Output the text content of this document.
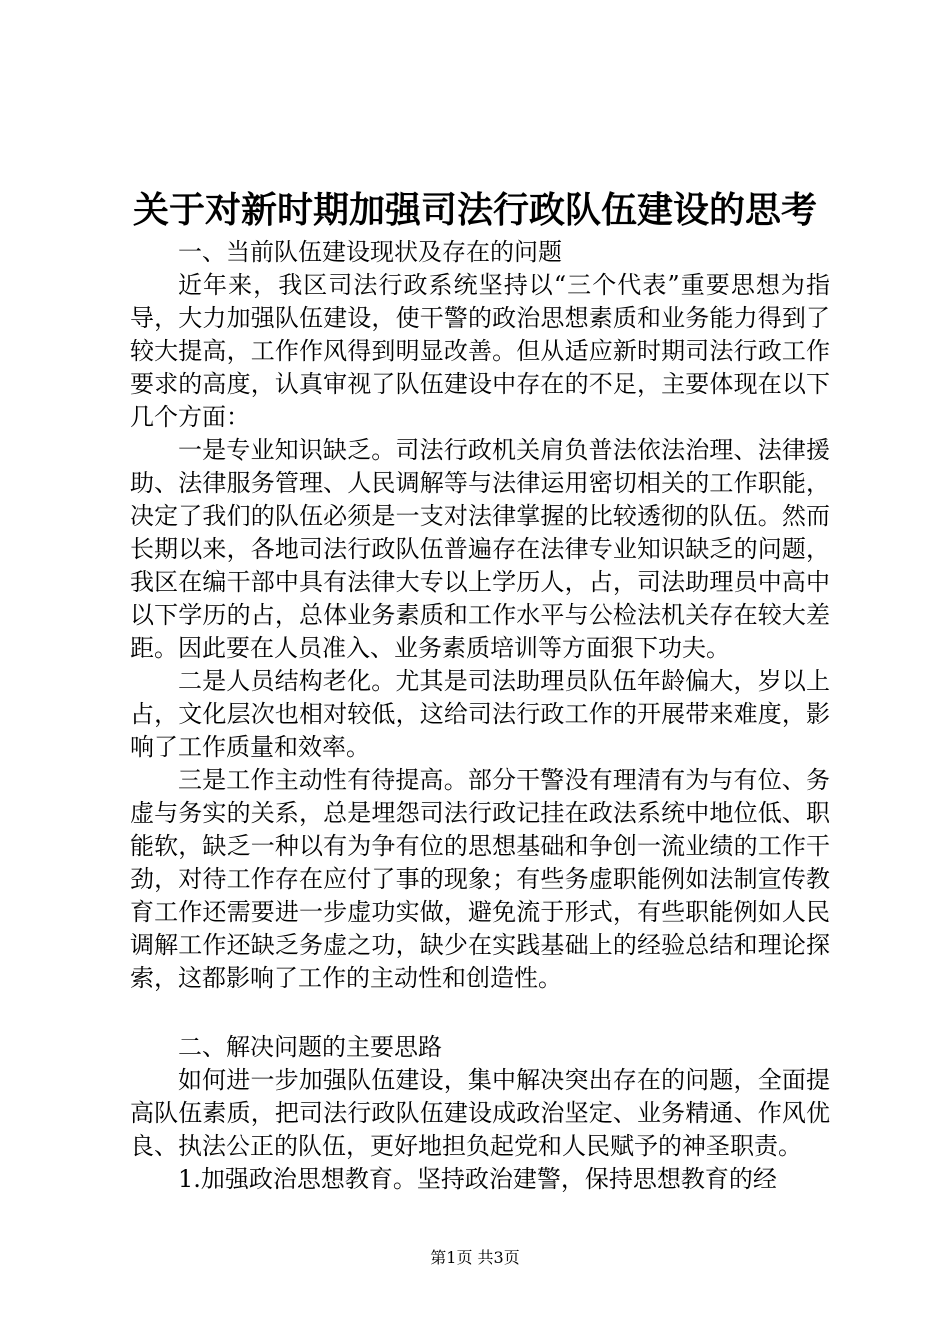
关于对新时期加强司法行政队伍建设的思考

一、当前队伍建设现状及存在的问题

近年来，我区司法行政系统坚持以“三个代表”重要思想为指导，大力加强队伍建设，使干警的政治思想素质和业务能力得到了较大提高，工作作风得到明显改善。但从适应新时期司法行政工作要求的高度，认真审视了队伍建设中存在的不足，主要体现在以下几个方面：

一是专业知识缺乏。司法行政机关肩负普法依法治理、法律援助、法律服务管理、人民调解等与法律运用密切相关的工作职能，决定了我们的队伍必须是一支对法律掌握的比较透彻的队伍。然而长期以来，各地司法行政队伍普遍存在法律专业知识缺乏的问题，我区在编干部中具有法律大专以上学历人，占，司法助理员中高中以下学历的占，总体业务素质和工作水平与公检法机关存在较大差距。因此要在人员准入、业务素质培训等方面狠下功夫。

二是人员结构老化。尤其是司法助理员队伍年龄偏大，岁以上占，文化层次也相对较低，这给司法行政工作的开展带来难度，影响了工作质量和效率。

三是工作主动性有待提高。部分干警没有理清有为与有位、务虚与务实的关系，总是埋怨司法行政记挂在政法系统中地位低、职能软，缺乏一种以有为争有位的思想基础和争创一流业绩的工作干劲，对待工作存在应付了事的现象；有些务虚职能例如法制宣传教育工作还需要进一步虚功实做，避免流于形式，有些职能例如人民调解工作还缺乏务虚之功，缺少在实践基础上的经验总结和理论探索，这都影响了工作的主动性和创造性。

二、解决问题的主要思路

如何进一步加强队伍建设，集中解决突出存在的问题，全面提高队伍素质，把司法行政队伍建设成政治坚定、业务精通、作风优良、执法公正的队伍，更好地担负起党和人民赋予的神圣职责。

1.加强政治思想教育。坚持政治建警，保持思想教育的经

第1页 共3页
